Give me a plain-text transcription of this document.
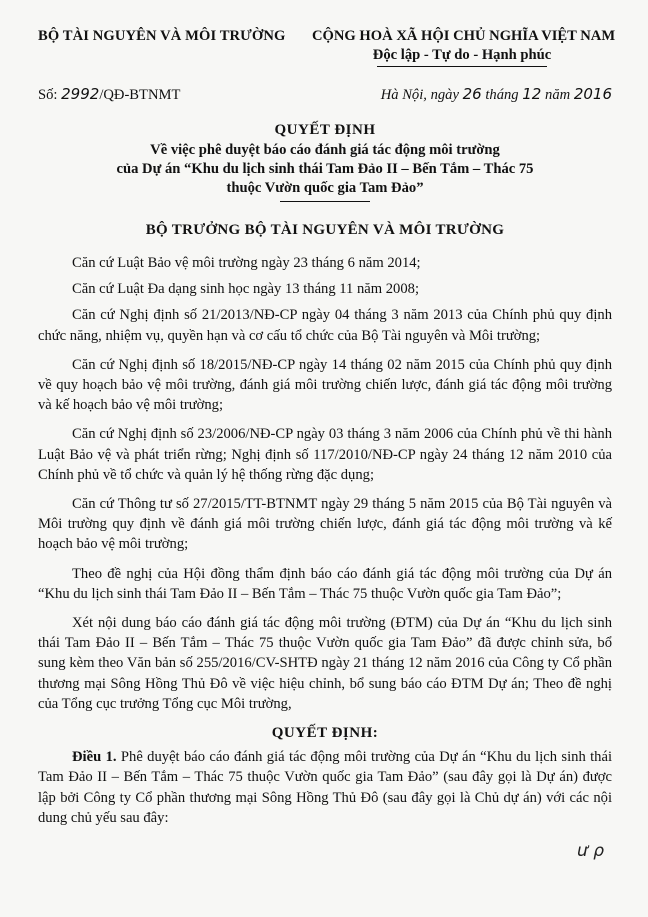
BỘ TÀI NGUYÊN VÀ MÔI TRƯỜNG	CỘNG HOÀ XÃ HỘI CHỦ NGHĨA VIỆT NAM
Độc lập - Tự do - Hạnh phúc
Số: 2992/QĐ-BTNMT	Hà Nội, ngày 26 tháng 12 năm 2016
QUYẾT ĐỊNH
Về việc phê duyệt báo cáo đánh giá tác động môi trường
của Dự án “Khu du lịch sinh thái Tam Đảo II – Bến Tắm – Thác 75
thuộc Vườn quốc gia Tam Đảo”
BỘ TRƯỞNG BỘ TÀI NGUYÊN VÀ MÔI TRƯỜNG

Căn cứ Luật Bảo vệ môi trường ngày 23 tháng 6 năm 2014;

Căn cứ Luật Đa dạng sinh học ngày 13 tháng 11 năm 2008;

Căn cứ Nghị định số 21/2013/NĐ-CP ngày 04 tháng 3 năm 2013 của Chính phủ quy định chức năng, nhiệm vụ, quyền hạn và cơ cấu tổ chức của Bộ Tài nguyên và Môi trường;

Căn cứ Nghị định số 18/2015/NĐ-CP ngày 14 tháng 02 năm 2015 của Chính phủ quy định về quy hoạch bảo vệ môi trường, đánh giá môi trường chiến lược, đánh giá tác động môi trường và kế hoạch bảo vệ môi trường;

Căn cứ Nghị định số 23/2006/NĐ-CP ngày 03 tháng 3 năm 2006 của Chính phủ về thi hành Luật Bảo vệ và phát triển rừng; Nghị định số 117/2010/NĐ-CP ngày 24 tháng 12 năm 2010 của Chính phủ về tổ chức và quản lý hệ thống rừng đặc dụng;

Căn cứ Thông tư số 27/2015/TT-BTNMT ngày 29 tháng 5 năm 2015 của Bộ Tài nguyên và Môi trường quy định về đánh giá môi trường chiến lược, đánh giá tác động môi trường và kế hoạch bảo vệ môi trường;

Theo đề nghị của Hội đồng thẩm định báo cáo đánh giá tác động môi trường của Dự án “Khu du lịch sinh thái Tam Đảo II – Bến Tắm – Thác 75 thuộc Vườn quốc gia Tam Đảo”;

Xét nội dung báo cáo đánh giá tác động môi trường (ĐTM) của Dự án “Khu du lịch sinh thái Tam Đảo II – Bến Tắm – Thác 75 thuộc Vườn quốc gia Tam Đảo” đã được chỉnh sửa, bổ sung kèm theo Văn bản số 255/2016/CV-SHTĐ ngày 21 tháng 12 năm 2016 của Công ty Cổ phần thương mại Sông Hồng Thủ Đô về việc hiệu chỉnh, bổ sung báo cáo ĐTM Dự án; Theo đề nghị của Tổng cục trưởng Tổng cục Môi trường,

QUYẾT ĐỊNH:

Điều 1. Phê duyệt báo cáo đánh giá tác động môi trường của Dự án “Khu du lịch sinh thái Tam Đảo II – Bến Tắm – Thác 75 thuộc Vườn quốc gia Tam Đảo” (sau đây gọi là Dự án) được lập bởi Công ty Cổ phần thương mại Sông Hồng Thủ Đô (sau đây gọi là Chủ dự án) với các nội dung chủ yếu sau đây:

ư ρ
